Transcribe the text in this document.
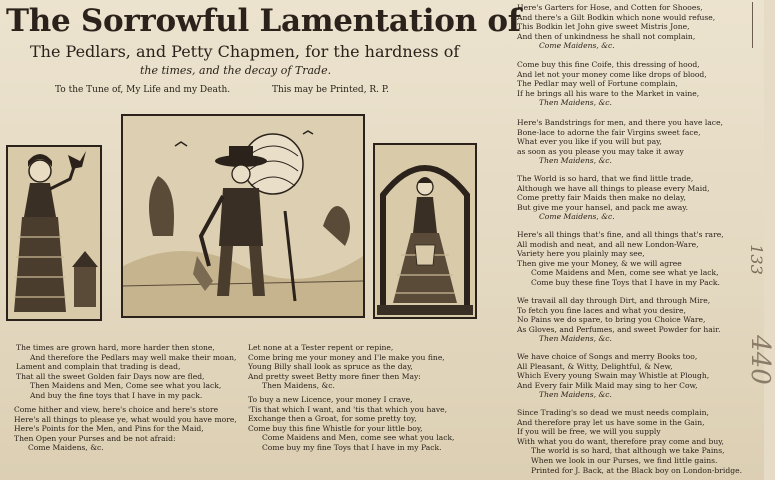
The Sorrowful Lamentation of
The Pedlars, and Petty Chapmen, for the hardness of
the times, and the decay of Trade.
To the Tune of, My Life and my Death.	This may be Printed, R. P.
The times are grown hard, more harder then stone,
And therefore the Pedlars may well make their moan,
Lament and complain that trading is dead,
That all the sweet Golden fair Days now are fled,
Then Maidens and Men, Come see what you lack,
And buy the fine toys that I have in my pack.
Come hither and view, here's choice and here's store
Here's all things to please ye, what would you have more,
Here's Points for the Men, and Pins for the Maid,
Then Open your Purses and be not afraid:
Come Maidens, &c.
Let none at a Tester repent or repine,
Come bring me your money and I'le make you fine,
Young Billy shall look as spruce as the day,
And pretty sweet Betty more finer then May:
Then Maidens, &c.
To buy a new Licence, your money I crave,
'Tis that which I want, and 'tis that which you have,
Exchange then a Groat, for some pretty toy,
Come buy this fine Whistle for your little boy,
Come Maidens and Men, come see what you lack,
Come buy my fine Toys that I have in my Pack.
Here's Garters for Hose, and Cotten for Shooes,
And there's a Gilt Bodkin which none would refuse,
This Bodkin let John give sweet Mistris Jone,
And then of unkindness he shall not complain,
Come Maidens, &c.
Come buy this fine Coife, this dressing of hood,
And let not your money come like drops of blood,
The Pedlar may well of Fortune complain,
If he brings all his ware to the Market in vaine,
Then Maidens, &c.
Here's Bandstrings for men, and there you have lace,
Bone-lace to adorne the fair Virgins sweet face,
What ever you like if you will but pay,
as soon as you please you may take it away
Then Maidens, &c.
The World is so hard, that we find little trade,
Although we have all things to please every Maid,
Come pretty fair Maids then make no delay,
But give me your hansel, and pack me away.
Come Maidens, &c.
Here's all things that's fine, and all things that's rare,
All modish and neat, and all new London-Ware,
Variety here you plainly may see,
Then give me your Money, & we will agree
Come Maidens and Men, come see what ye lack,
Come buy these fine Toys that I have in my Pack.
We travail all day through Dirt, and through Mire,
To fetch you fine laces and what you desire,
No Pains we do spare, to bring you Choice Ware,
As Gloves, and Perfumes, and sweet Powder for hair.
Then Maidens, &c.
We have choice of Songs and merry Books too,
All Pleasant, & Witty, Delightful, & New,
Which Every young Swain may Whistle at Plough,
And Every fair Milk Maid may sing to her Cow,
Then Maidens, &c.
Since Trading's so dead we must needs complain,
And therefore pray let us have some in the Gain,
If you will be free, we will you supply
With what you do want, therefore pray come and buy,
The world is so hard, that although we take Pains,
When we look in our Purses, we find little gains.
Printed for J. Back, at the Black boy on London-bridge.
133
440
